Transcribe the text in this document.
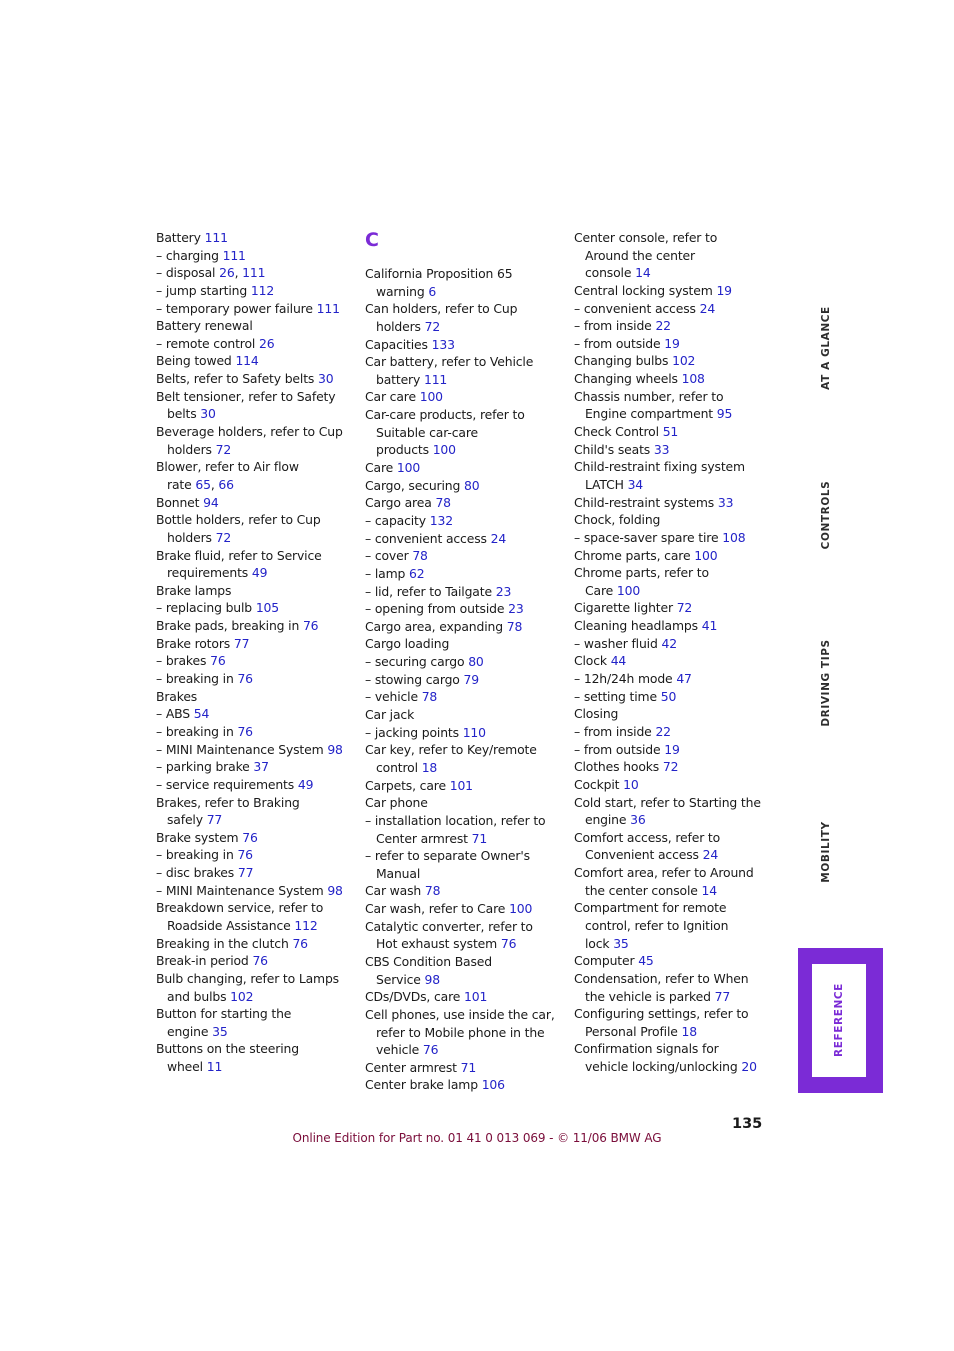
Battery 111
– charging 111
– disposal 26, 111
– jump starting 112
– temporary power failure 111
Battery renewal
– remote control 26
Being towed 114
Belts, refer to Safety belts 30
Belt tensioner, refer to Safety
belts 30
Beverage holders, refer to Cup
holders 72
Blower, refer to Air flow
rate 65, 66
Bonnet 94
Bottle holders, refer to Cup
holders 72
Brake fluid, refer to Service
requirements 49
Brake lamps
– replacing bulb 105
Brake pads, breaking in 76
Brake rotors 77
– brakes 76
– breaking in 76
Brakes
– ABS 54
– breaking in 76
– MINI Maintenance System 98
– parking brake 37
– service requirements 49
Brakes, refer to Braking
safely 77
Brake system 76
– breaking in 76
– disc brakes 77
– MINI Maintenance System 98
Breakdown service, refer to
Roadside Assistance 112
Breaking in the clutch 76
Break-in period 76
Bulb changing, refer to Lamps
and bulbs 102
Button for starting the
engine 35
Buttons on the steering
wheel 11
C
California Proposition 65
warning 6
Can holders, refer to Cup
holders 72
Capacities 133
Car battery, refer to Vehicle
battery 111
Car care 100
Car-care products, refer to
Suitable car-care
products 100
Care 100
Cargo, securing 80
Cargo area 78
– capacity 132
– convenient access 24
– cover 78
– lamp 62
– lid, refer to Tailgate 23
– opening from outside 23
Cargo area, expanding 78
Cargo loading
– securing cargo 80
– stowing cargo 79
– vehicle 78
Car jack
– jacking points 110
Car key, refer to Key/remote
control 18
Carpets, care 101
Car phone
– installation location, refer to
Center armrest 71
– refer to separate Owner's
Manual
Car wash 78
Car wash, refer to Care 100
Catalytic converter, refer to
Hot exhaust system 76
CBS Condition Based
Service 98
CDs/DVDs, care 101
Cell phones, use inside the car,
refer to Mobile phone in the
vehicle 76
Center armrest 71
Center brake lamp 106
Center console, refer to
Around the center
console 14
Central locking system 19
– convenient access 24
– from inside 22
– from outside 19
Changing bulbs 102
Changing wheels 108
Chassis number, refer to
Engine compartment 95
Check Control 51
Child's seats 33
Child-restraint fixing system
LATCH 34
Child-restraint systems 33
Chock, folding
– space-saver spare tire 108
Chrome parts, care 100
Chrome parts, refer to
Care 100
Cigarette lighter 72
Cleaning headlamps 41
– washer fluid 42
Clock 44
– 12h/24h mode 47
– setting time 50
Closing
– from inside 22
– from outside 19
Clothes hooks 72
Cockpit 10
Cold start, refer to Starting the
engine 36
Comfort access, refer to
Convenient access 24
Comfort area, refer to Around
the center console 14
Compartment for remote
control, refer to Ignition
lock 35
Computer 45
Condensation, refer to When
the vehicle is parked 77
Configuring settings, refer to
Personal Profile 18
Confirmation signals for
vehicle locking/unlocking 20
AT A GLANCE
CONTROLS
DRIVING TIPS
MOBILITY
REFERENCE
135
Online Edition for Part no. 01 41 0 013 069 - © 11/06 BMW AG
